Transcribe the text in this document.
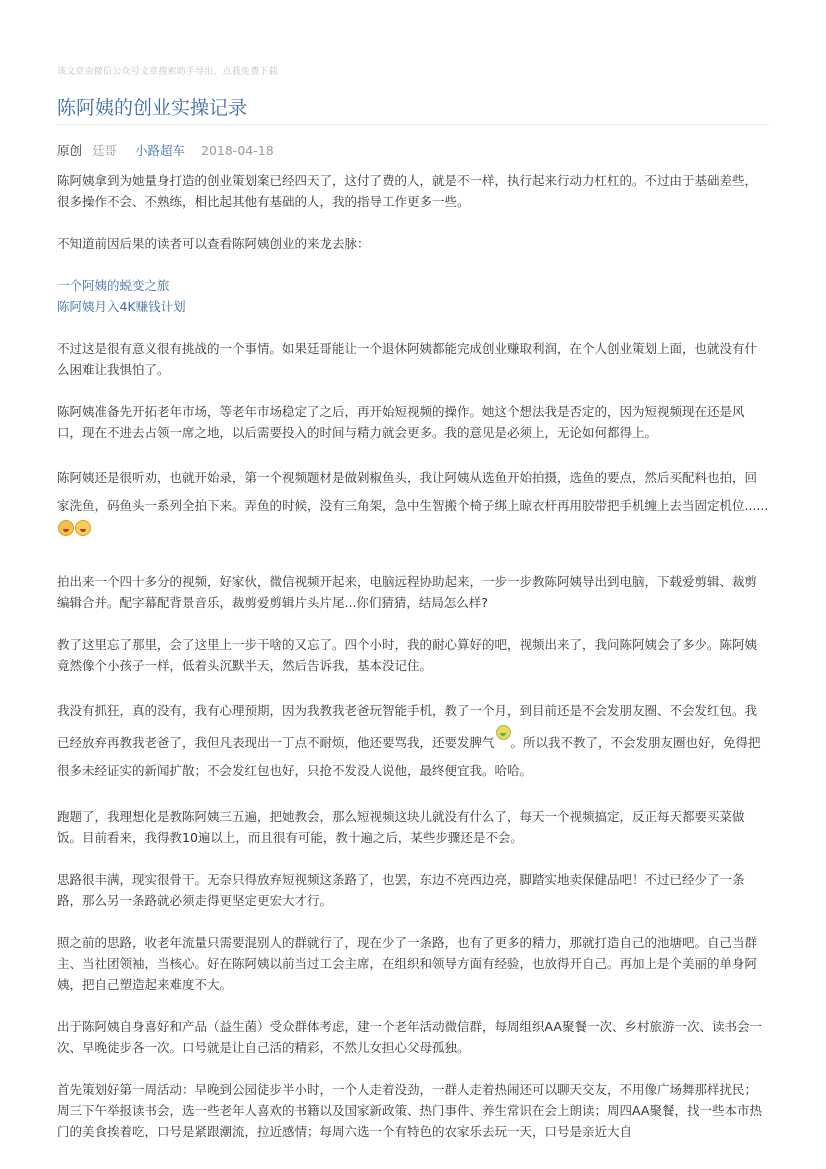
该文章由微信公众号文章搜索助手导出，点我免费下载
陈阿姨的创业实操记录
原创 廷哥 小路超车 2018-04-18

陈阿姨拿到为她量身打造的创业策划案已经四天了，这付了费的人，就是不一样，执行起来行动力杠杠的。不过由于基础差些，很多操作不会、不熟练，相比起其他有基础的人，我的指导工作更多一些。

不知道前因后果的读者可以查看陈阿姨创业的来龙去脉：

一个阿姨的蜕变之旅
陈阿姨月入4K赚钱计划

不过这是很有意义很有挑战的一个事情。如果廷哥能让一个退休阿姨都能完成创业赚取利润，在个人创业策划上面，也就没有什么困难让我惧怕了。

陈阿姨准备先开拓老年市场，等老年市场稳定了之后，再开始短视频的操作。她这个想法我是否定的，因为短视频现在还是风口，现在不进去占领一席之地，以后需要投入的时间与精力就会更多。我的意见是必须上，无论如何都得上。

陈阿姨还是很听劝，也就开始录，第一个视频题材是做剁椒鱼头，我让阿姨从选鱼开始拍摄，选鱼的要点，然后买配料也拍，回家洗鱼，码鱼头一系列全拍下来。弄鱼的时候，没有三角架，急中生智搬个椅子绑上晾衣杆再用胶带把手机缠上去当固定机位......

拍出来一个四十多分的视频，好家伙，微信视频开起来，电脑远程协助起来，一步一步教陈阿姨导出到电脑，下载爱剪辑、裁剪编辑合并。配字幕配背景音乐，裁剪爱剪辑片头片尾...你们猜猜，结局怎么样?

教了这里忘了那里，会了这里上一步干啥的又忘了。四个小时，我的耐心算好的吧，视频出来了，我问陈阿姨会了多少。陈阿姨竟然像个小孩子一样，低着头沉默半天，然后告诉我，基本没记住。

我没有抓狂，真的没有，我有心理预期，因为我教我老爸玩智能手机，教了一个月，到目前还是不会发朋友圈、不会发红包。我已经放弃再教我老爸了，我但凡表现出一丁点不耐烦，他还要骂我，还要发脾气 。所以我不教了，不会发朋友圈也好，免得把很多未经证实的新闻扩散；不会发红包也好，只抢不发没人说他，最终便宜我。哈哈。

跑题了，我理想化是教陈阿姨三五遍，把她教会，那么短视频这块儿就没有什么了，每天一个视频搞定，反正每天都要买菜做饭。目前看来，我得教10遍以上，而且很有可能，教十遍之后，某些步骤还是不会。

思路很丰满，现实很骨干。无奈只得放弃短视频这条路了，也罢，东边不亮西边亮，脚踏实地卖保健品吧！不过已经少了一条路，那么另一条路就必须走得更坚定更宏大才行。

照之前的思路，收老年流量只需要混别人的群就行了，现在少了一条路，也有了更多的精力，那就打造自己的池塘吧。自己当群主、当社团领袖，当核心。好在陈阿姨以前当过工会主席，在组织和领导方面有经验，也放得开自己。再加上是个美丽的单身阿姨，把自己塑造起来难度不大。

出于陈阿姨自身喜好和产品（益生菌）受众群体考虑，建一个老年活动微信群，每周组织AA聚餐一次、乡村旅游一次、读书会一次、早晚徒步各一次。口号就是让自己活的精彩，不然儿女担心父母孤独。

首先策划好第一周活动：早晚到公园徒步半小时，一个人走着没劲，一群人走着热闹还可以聊天交友，不用像广场舞那样扰民；周三下午举报读书会，选一些老年人喜欢的书籍以及国家新政策、热门事件、养生常识在会上朗读；周四AA聚餐，找一些本市热门的美食挨着吃，口号是紧跟潮流，拉近感情；每周六选一个有特色的农家乐去玩一天，口号是亲近大自
